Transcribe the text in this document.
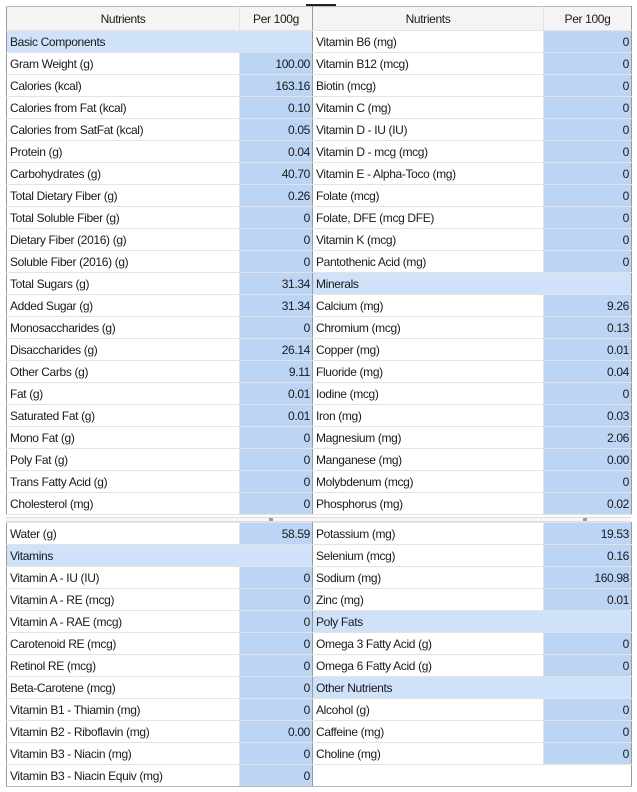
Nutrients	Per 100g	Nutrients	Per 100g
Basic Components		Vitamin B6 (mg)	0
Gram Weight (g)	100.00	Vitamin B12 (mcg)	0
Calories (kcal)	163.16	Biotin (mcg)	0
Calories from Fat (kcal)	0.10	Vitamin C (mg)	0
Calories from SatFat (kcal)	0.05	Vitamin D - IU (IU)	0
Protein (g)	0.04	Vitamin D - mcg (mcg)	0
Carbohydrates (g)	40.70	Vitamin E - Alpha-Toco (mg)	0
Total Dietary Fiber (g)	0.26	Folate (mcg)	0
Total Soluble Fiber (g)	0	Folate, DFE (mcg DFE)	0
Dietary Fiber (2016) (g)	0	Vitamin K (mcg)	0
Soluble Fiber (2016) (g)	0	Pantothenic Acid (mg)	0
Total Sugars (g)	31.34	Minerals	
Added Sugar (g)	31.34	Calcium (mg)	9.26
Monosaccharides (g)	0	Chromium (mcg)	0.13
Disaccharides (g)	26.14	Copper (mg)	0.01
Other Carbs (g)	9.11	Fluoride (mg)	0.04
Fat (g)	0.01	Iodine (mcg)	0
Saturated Fat (g)	0.01	Iron (mg)	0.03
Mono Fat (g)	0	Magnesium (mg)	2.06
Poly Fat (g)	0	Manganese (mg)	0.00
Trans Fatty Acid (g)	0	Molybdenum (mcg)	0
Cholesterol (mg)	0	Phosphorus (mg)	0.02
Water (g)	58.59	Potassium (mg)	19.53
Vitamins		Selenium (mcg)	0.16
Vitamin A - IU (IU)	0	Sodium (mg)	160.98
Vitamin A - RE (mcg)	0	Zinc (mg)	0.01
Vitamin A - RAE (mcg)	0	Poly Fats	
Carotenoid RE (mcg)	0	Omega 3 Fatty Acid (g)	0
Retinol RE (mcg)	0	Omega 6 Fatty Acid (g)	0
Beta-Carotene (mcg)	0	Other Nutrients	
Vitamin B1 - Thiamin (mg)	0	Alcohol (g)	0
Vitamin B2 - Riboflavin (mg)	0.00	Caffeine (mg)	0
Vitamin B3 - Niacin (mg)	0	Choline (mg)	0
Vitamin B3 - Niacin Equiv (mg)	0		
